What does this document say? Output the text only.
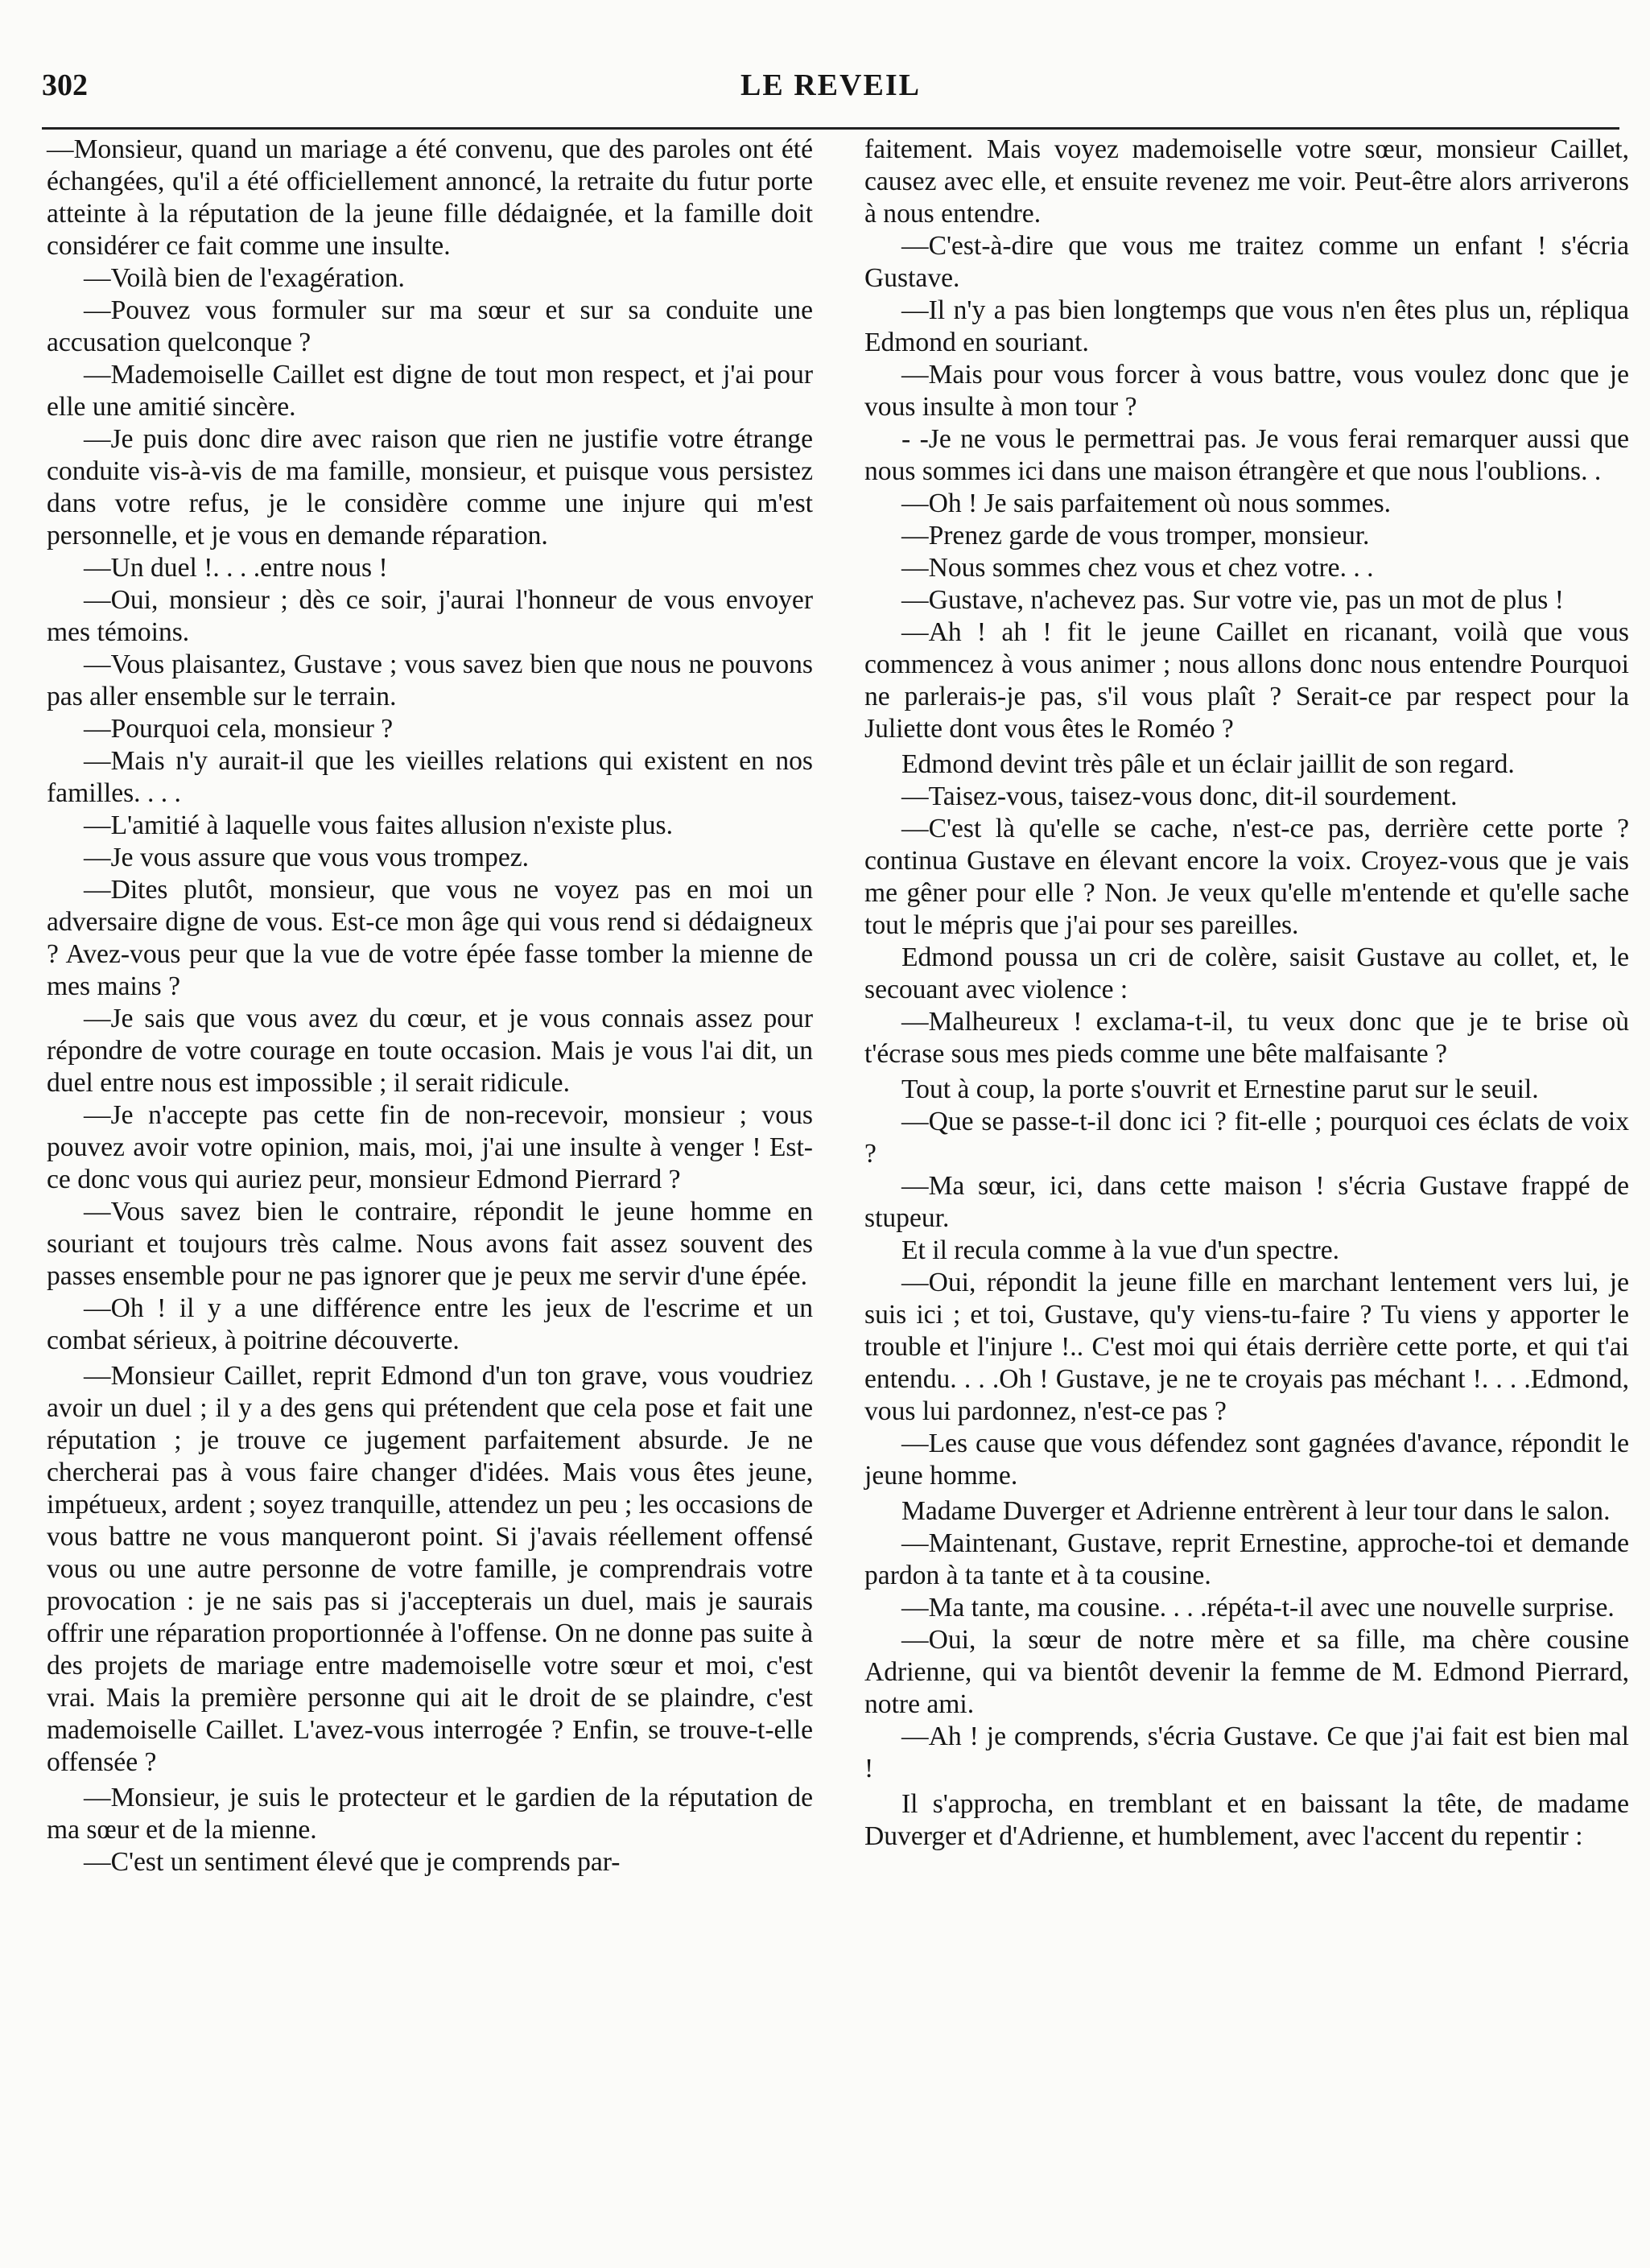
302	LE REVEIL

—Monsieur, quand un mariage a été convenu, que des paroles ont été échangées, qu'il a été officiellement annoncé, la retraite du futur porte atteinte à la réputation de la jeune fille dédaignée, et la famille doit considérer ce fait comme une insulte.

—Voilà bien de l'exagération.

—Pouvez vous formuler sur ma sœur et sur sa conduite une accusation quelconque ?

—Mademoiselle Caillet est digne de tout mon respect, et j'ai pour elle une amitié sincère.

—Je puis donc dire avec raison que rien ne justifie votre étrange conduite vis-à-vis de ma famille, monsieur, et puisque vous persistez dans votre refus, je le considère comme une injure qui m'est personnelle, et je vous en demande réparation.

—Un duel !. . . .entre nous !

—Oui, monsieur ; dès ce soir, j'aurai l'honneur de vous envoyer mes témoins.

—Vous plaisantez, Gustave ; vous savez bien que nous ne pouvons pas aller ensemble sur le terrain.

—Pourquoi cela, monsieur ?

—Mais n'y aurait-il que les vieilles relations qui existent en nos familles. . . .

—L'amitié à laquelle vous faites allusion n'existe plus.

—Je vous assure que vous vous trompez.

—Dites plutôt, monsieur, que vous ne voyez pas en moi un adversaire digne de vous. Est-ce mon âge qui vous rend si dédaigneux ? Avez-vous peur que la vue de votre épée fasse tomber la mienne de mes mains ?

—Je sais que vous avez du cœur, et je vous connais assez pour répondre de votre courage en toute occasion. Mais je vous l'ai dit, un duel entre nous est impossible ; il serait ridicule.

—Je n'accepte pas cette fin de non-recevoir, monsieur ; vous pouvez avoir votre opinion, mais, moi, j'ai une insulte à venger ! Est-ce donc vous qui auriez peur, monsieur Edmond Pierrard ?

—Vous savez bien le contraire, répondit le jeune homme en souriant et toujours très calme. Nous avons fait assez souvent des passes ensemble pour ne pas ignorer que je peux me servir d'une épée.

—Oh ! il y a une différence entre les jeux de l'escrime et un combat sérieux, à poitrine découverte.

—Monsieur Caillet, reprit Edmond d'un ton grave, vous voudriez avoir un duel ; il y a des gens qui prétendent que cela pose et fait une réputation ; je trouve ce jugement parfaitement absurde. Je ne chercherai pas à vous faire changer d'idées. Mais vous êtes jeune, impétueux, ardent ; soyez tranquille, attendez un peu ; les occasions de vous battre ne vous manqueront point. Si j'avais réellement offensé vous ou une autre personne de votre famille, je comprendrais votre provocation : je ne sais pas si j'accepterais un duel, mais je saurais offrir une réparation proportionnée à l'offense. On ne donne pas suite à des projets de mariage entre mademoiselle votre sœur et moi, c'est vrai. Mais la première personne qui ait le droit de se plaindre, c'est mademoiselle Caillet. L'avez-vous interrogée ? Enfin, se trouve-t-elle offensée ?

—Monsieur, je suis le protecteur et le gardien de la réputation de ma sœur et de la mienne.

—C'est un sentiment élevé que je comprends par-

faitement. Mais voyez mademoiselle votre sœur, monsieur Caillet, causez avec elle, et ensuite revenez me voir. Peut-être alors arriverons à nous entendre.

—C'est-à-dire que vous me traitez comme un enfant ! s'écria Gustave.

—Il n'y a pas bien longtemps que vous n'en êtes plus un, répliqua Edmond en souriant.

—Mais pour vous forcer à vous battre, vous voulez donc que je vous insulte à mon tour ?

- -Je ne vous le permettrai pas. Je vous ferai remarquer aussi que nous sommes ici dans une maison étrangère et que nous l'oublions. .

—Oh ! Je sais parfaitement où nous sommes.

—Prenez garde de vous tromper, monsieur.

—Nous sommes chez vous et chez votre. . .

—Gustave, n'achevez pas. Sur votre vie, pas un mot de plus !

—Ah ! ah ! fit le jeune Caillet en ricanant, voilà que vous commencez à vous animer ; nous allons donc nous entendre Pourquoi ne parlerais-je pas, s'il vous plaît ? Serait-ce par respect pour la Juliette dont vous êtes le Roméo ?

Edmond devint très pâle et un éclair jaillit de son regard.

—Taisez-vous, taisez-vous donc, dit-il sourdement.

—C'est là qu'elle se cache, n'est-ce pas, derrière cette porte ? continua Gustave en élevant encore la voix. Croyez-vous que je vais me gêner pour elle ? Non. Je veux qu'elle m'entende et qu'elle sache tout le mépris que j'ai pour ses pareilles.

Edmond poussa un cri de colère, saisit Gustave au collet, et, le secouant avec violence :

—Malheureux ! exclama-t-il, tu veux donc que je te brise où t'écrase sous mes pieds comme une bête malfaisante ?

Tout à coup, la porte s'ouvrit et Ernestine parut sur le seuil.

—Que se passe-t-il donc ici ? fit-elle ; pourquoi ces éclats de voix ?

—Ma sœur, ici, dans cette maison ! s'écria Gustave frappé de stupeur.

Et il recula comme à la vue d'un spectre.

—Oui, répondit la jeune fille en marchant lentement vers lui, je suis ici ; et toi, Gustave, qu'y viens-tu-faire ? Tu viens y apporter le trouble et l'injure !.. C'est moi qui étais derrière cette porte, et qui t'ai entendu. . . .Oh ! Gustave, je ne te croyais pas méchant !. . . .Edmond, vous lui pardonnez, n'est-ce pas ?

—Les cause que vous défendez sont gagnées d'avance, répondit le jeune homme.

Madame Duverger et Adrienne entrèrent à leur tour dans le salon.

—Maintenant, Gustave, reprit Ernestine, approche-toi et demande pardon à ta tante et à ta cousine.

—Ma tante, ma cousine. . . .répéta-t-il avec une nouvelle surprise.

—Oui, la sœur de notre mère et sa fille, ma chère cousine Adrienne, qui va bientôt devenir la femme de M. Edmond Pierrard, notre ami.

—Ah ! je comprends, s'écria Gustave. Ce que j'ai fait est bien mal !

Il s'approcha, en tremblant et en baissant la tête, de madame Duverger et d'Adrienne, et humblement, avec l'accent du repentir :
